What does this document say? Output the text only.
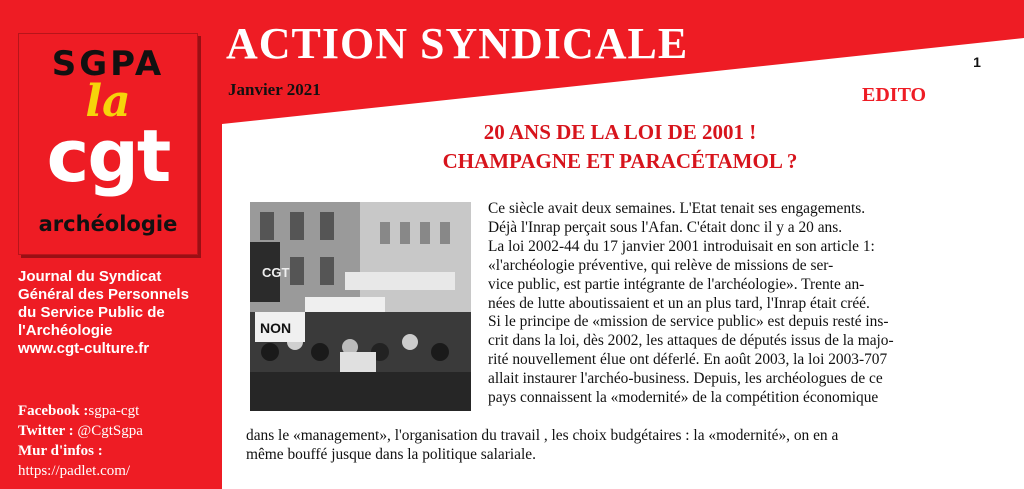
SGPA
la
cgt
archéologie
Journal du Syndicat
Général des Personnels
du Service Public de
l'Archéologie
www.cgt-culture.fr
Facebook :sgpa-cgt
Twitter : @CgtSgpa
Mur d'infos :
https://padlet.com/
ACTION SYNDICALE
Janvier 2021
1
EDITO
20 ANS DE LA LOI DE 2001 !
CHAMPAGNE ET PARACÉTAMOL ?
NON
CGT
Ce siècle avait deux semaines. L'Etat tenait ses engagements.
Déjà l'Inrap perçait sous l'Afan. C'était donc il y a 20 ans.
La loi 2002-44 du 17 janvier 2001 introduisait en son article 1:
«l'archéologie préventive, qui relève de missions de ser-
vice public, est partie intégrante de l'archéologie». Trente an-
nées de lutte aboutissaient et un an plus tard, l'Inrap était créé.
Si le principe de «mission de service public» est depuis resté ins-
crit dans la loi, dès 2002, les attaques de députés issus de la majo-
rité nouvellement élue ont déferlé. En août 2003, la loi 2003-707
allait instaurer l'archéo-business. Depuis, les archéologues de ce
pays connaissent la «modernité» de la compétition économique
dans le «management», l'organisation du travail , les choix budgétaires : la «modernité», on en a
même bouffé jusque dans la politique salariale.
